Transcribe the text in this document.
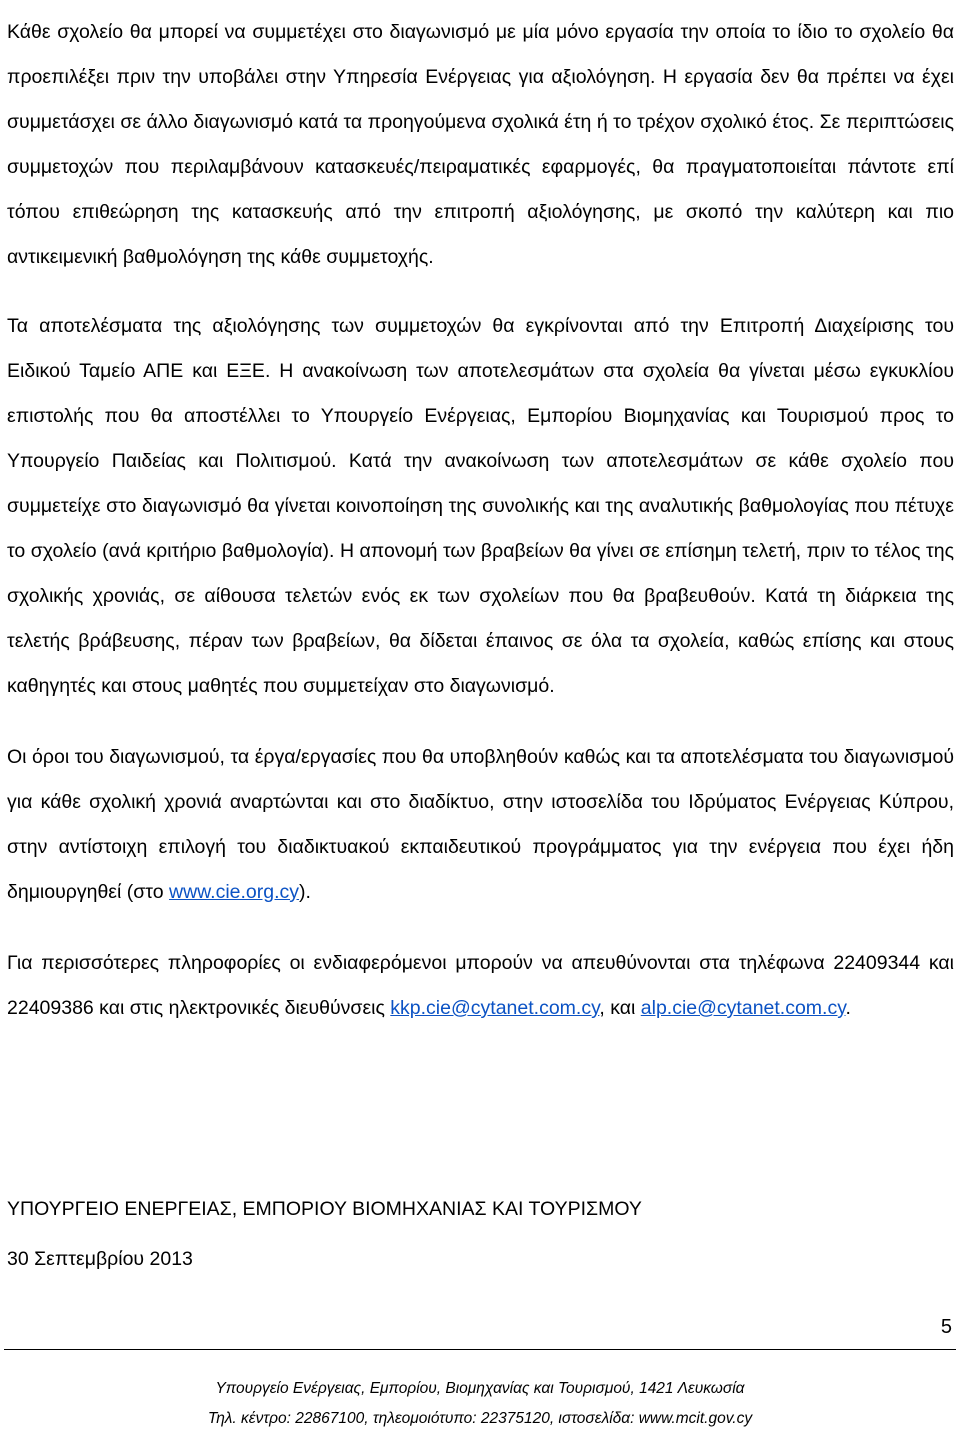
Κάθε σχολείο θα μπορεί να συμμετέχει στο διαγωνισμό με μία μόνο εργασία την οποία το ίδιο το σχολείο θα προεπιλέξει πριν την υποβάλει στην Υπηρεσία Ενέργειας για αξιολόγηση. Η εργασία δεν θα πρέπει να έχει συμμετάσχει σε άλλο διαγωνισμό κατά τα προηγούμενα σχολικά έτη ή το τρέχον σχολικό έτος. Σε περιπτώσεις συμμετοχών που περιλαμβάνουν κατασκευές/πειραματικές εφαρμογές, θα πραγματοποιείται πάντοτε επί τόπου επιθεώρηση της κατασκευής από την επιτροπή αξιολόγησης, με σκοπό την καλύτερη και πιο αντικειμενική βαθμολόγηση της κάθε συμμετοχής.

Τα αποτελέσματα της αξιολόγησης των συμμετοχών θα εγκρίνονται από την Επιτροπή Διαχείρισης του Ειδικού Ταμείο ΑΠΕ και ΕΞΕ. Η ανακοίνωση των αποτελεσμάτων στα σχολεία θα γίνεται μέσω εγκυκλίου επιστολής που θα αποστέλλει το Υπουργείο Ενέργειας, Εμπορίου Βιομηχανίας και Τουρισμού προς το Υπουργείο Παιδείας και Πολιτισμού. Κατά την ανακοίνωση των αποτελεσμάτων σε κάθε σχολείο που συμμετείχε στο διαγωνισμό θα γίνεται κοινοποίηση της συνολικής και της αναλυτικής βαθμολογίας που πέτυχε το σχολείο (ανά κριτήριο βαθμολογία). Η απονομή των βραβείων θα γίνει σε επίσημη τελετή, πριν το τέλος της σχολικής χρονιάς, σε αίθουσα τελετών ενός εκ των σχολείων που θα βραβευθούν. Κατά τη διάρκεια της τελετής βράβευσης, πέραν των βραβείων, θα δίδεται έπαινος σε όλα τα σχολεία, καθώς επίσης και στους καθηγητές και στους μαθητές που συμμετείχαν στο διαγωνισμό.

Οι όροι του διαγωνισμού, τα έργα/εργασίες που θα υποβληθούν καθώς και τα αποτελέσματα του διαγωνισμού για κάθε σχολική χρονιά αναρτώνται και στο διαδίκτυο, στην ιστοσελίδα του Ιδρύματος Ενέργειας Κύπρου, στην αντίστοιχη επιλογή του διαδικτυακού εκπαιδευτικού προγράμματος για την ενέργεια που έχει ήδη δημιουργηθεί (στο www.cie.org.cy).

Για περισσότερες πληροφορίες οι ενδιαφερόμενοι μπορούν να απευθύνονται στα τηλέφωνα 22409344 και 22409386 και στις ηλεκτρονικές διευθύνσεις kkp.cie@cytanet.com.cy, και alp.cie@cytanet.com.cy.

ΥΠΟΥΡΓΕΙΟ ΕΝΕΡΓΕΙΑΣ, ΕΜΠΟΡΙΟΥ ΒΙΟΜΗΧΑΝΙΑΣ ΚΑΙ ΤΟΥΡΙΣΜΟΥ

30 Σεπτεμβρίου 2013

5
Υπουργείο Ενέργειας, Εμπορίου, Βιομηχανίας και Τουρισμού, 1421 Λευκωσία
Τηλ. κέντρο: 22867100, τηλεομοιότυπο: 22375120, ιστοσελίδα: www.mcit.gov.cy
